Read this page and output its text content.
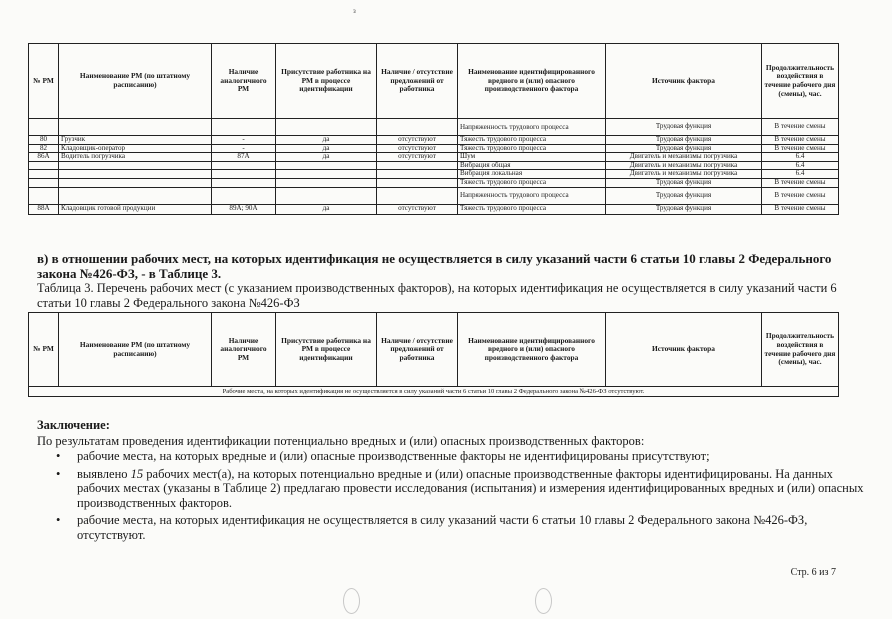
з
№ РМ	Наименование РМ (по штатному расписанию)	Наличие аналогичного РМ	Присутствие работника на РМ в процессе идентификации	Наличие / отсутствие предложений от работника	Наименование идентифицированного вредного и (или) опасного производственного фактора	Источник фактора	Продолжительность воздействия в течение рабочего дня (смены), час.
					Напряженность трудового процесса	Трудовая функция	В течение смены
80	Грузчик	-	да	отсутствуют	Тяжесть трудового процесса	Трудовая функция	В течение смены
82	Кладовщик-оператор	-	да	отсутствуют	Тяжесть трудового процесса	Трудовая функция	В течение смены
86А	Водитель погрузчика	87А	да	отсутствуют	Шум	Двигатель и механизмы погрузчика	6.4
					Вибрация общая	Двигатель и механизмы погрузчика	6.4
					Вибрация локальная	Двигатель и механизмы погрузчика	6.4
					Тяжесть трудового процесса	Трудовая функция	В течение смены
					Напряженность трудового процесса	Трудовая функция	В течение смены
88А	Кладовщик готовой продукции	89А; 90А	да	отсутствуют	Тяжесть трудового процесса	Трудовая функция	В течение смены
в) в отношении рабочих мест, на которых идентификация не осуществляется в силу указаний части 6 статьи 10 главы 2 Федерального закона №426-ФЗ, - в Таблице 3.
Таблица 3. Перечень рабочих мест (с указанием производственных факторов), на которых идентификация не осуществляется в силу указаний части 6 статьи 10 главы 2 Федерального закона №426-ФЗ
№ РМ	Наименование РМ (по штатному расписанию)	Наличие аналогичного РМ	Присутствие работника на РМ в процессе идентификации	Наличие / отсутствие предложений от работника	Наименование идентифицированного вредного и (или) опасного производственного фактора	Источник фактора	Продолжительность воздействия в течение рабочего дня (смены), час.
Рабочие места, на которых идентификация не осуществляется в силу указаний части 6 статьи 10 главы 2 Федерального закона №426-ФЗ отсутствуют.
Заключение:
По результатам проведения идентификации потенциально вредных и (или) опасных производственных факторов:
• рабочие места, на которых вредные и (или) опасные производственные факторы не идентифицированы присутствуют;
• выявлено 15 рабочих мест(а), на которых потенциально вредные и (или) опасные производственные факторы идентифицированы. На данных рабочих местах (указаны в Таблице 2) предлагаю провести исследования (испытания) и измерения идентифицированных вредных и (или) опасных производственных факторов.
• рабочие места, на которых идентификация не осуществляется в силу указаний части 6 статьи 10 главы 2 Федерального закона №426-ФЗ, отсутствуют.
Стр. 6 из 7
